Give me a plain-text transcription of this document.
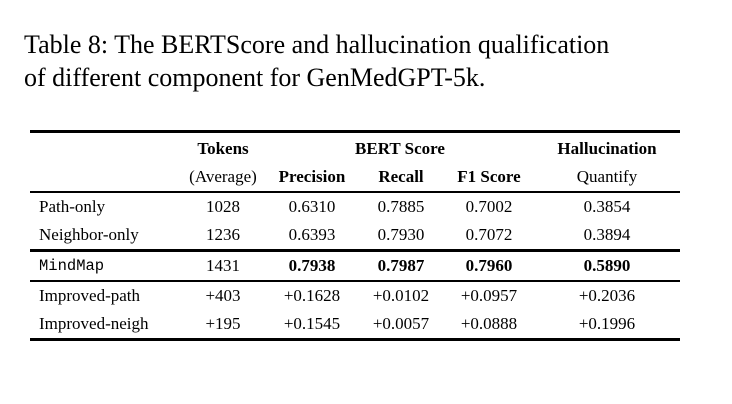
Table 8: The BERTScore and hallucination qualification
of different component for GenMedGPT-5k.
	Tokens	BERT Score			Hallucination
	(Average)	Precision	Recall	F1 Score	Quantify
Path-only	1028	0.6310	0.7885	0.7002	0.3854
Neighbor-only	1236	0.6393	0.7930	0.7072	0.3894
MindMap	1431	0.7938	0.7987	0.7960	0.5890
Improved-path	+403	+0.1628	+0.0102	+0.0957	+0.2036
Improved-neigh	+195	+0.1545	+0.0057	+0.0888	+0.1996
